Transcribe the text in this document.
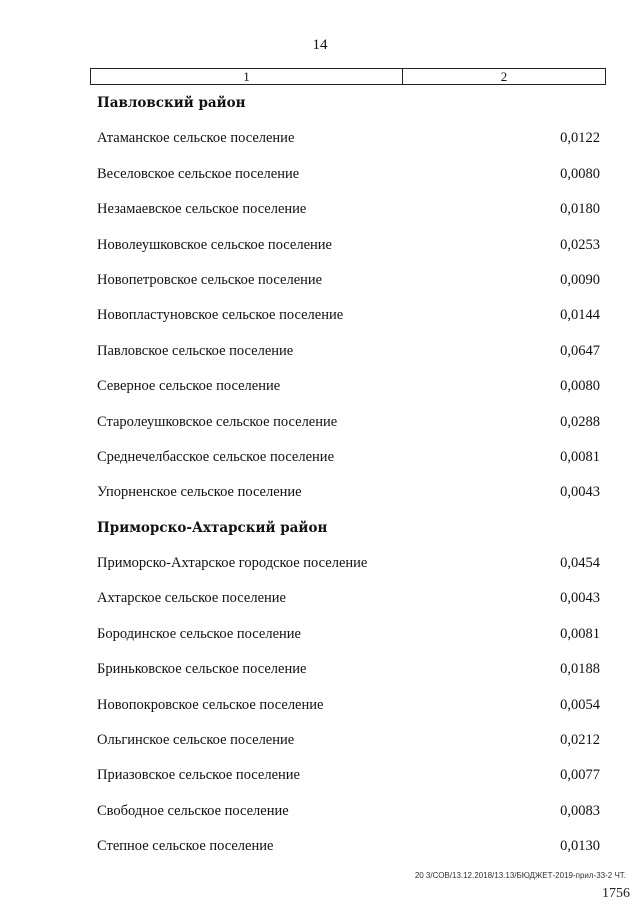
14
1	2
Павловский район
Атаманское сельское поселение	0,0122
Веселовское сельское поселение	0,0080
Незамаевское сельское поселение	0,0180
Новолеушковское сельское поселение	0,0253
Новопетровское сельское поселение	0,0090
Новопластуновское сельское поселение	0,0144
Павловское сельское поселение	0,0647
Северное сельское поселение	0,0080
Старолеушковское сельское поселение	0,0288
Среднечелбасское сельское поселение	0,0081
Упорненское сельское поселение	0,0043
Приморско-Ахтарский район
Приморско-Ахтарское городское поселение	0,0454
Ахтарское сельское поселение	0,0043
Бородинское сельское поселение	0,0081
Бриньковское сельское поселение	0,0188
Новопокровское сельское поселение	0,0054
Ольгинское сельское поселение	0,0212
Приазовское сельское поселение	0,0077
Свободное сельское поселение	0,0083
Степное сельское поселение	0,0130
20 3/СОВ/13.12.2018/13.13/БЮДЖЕТ-2019-прил-33-2 ЧТ.
1756
